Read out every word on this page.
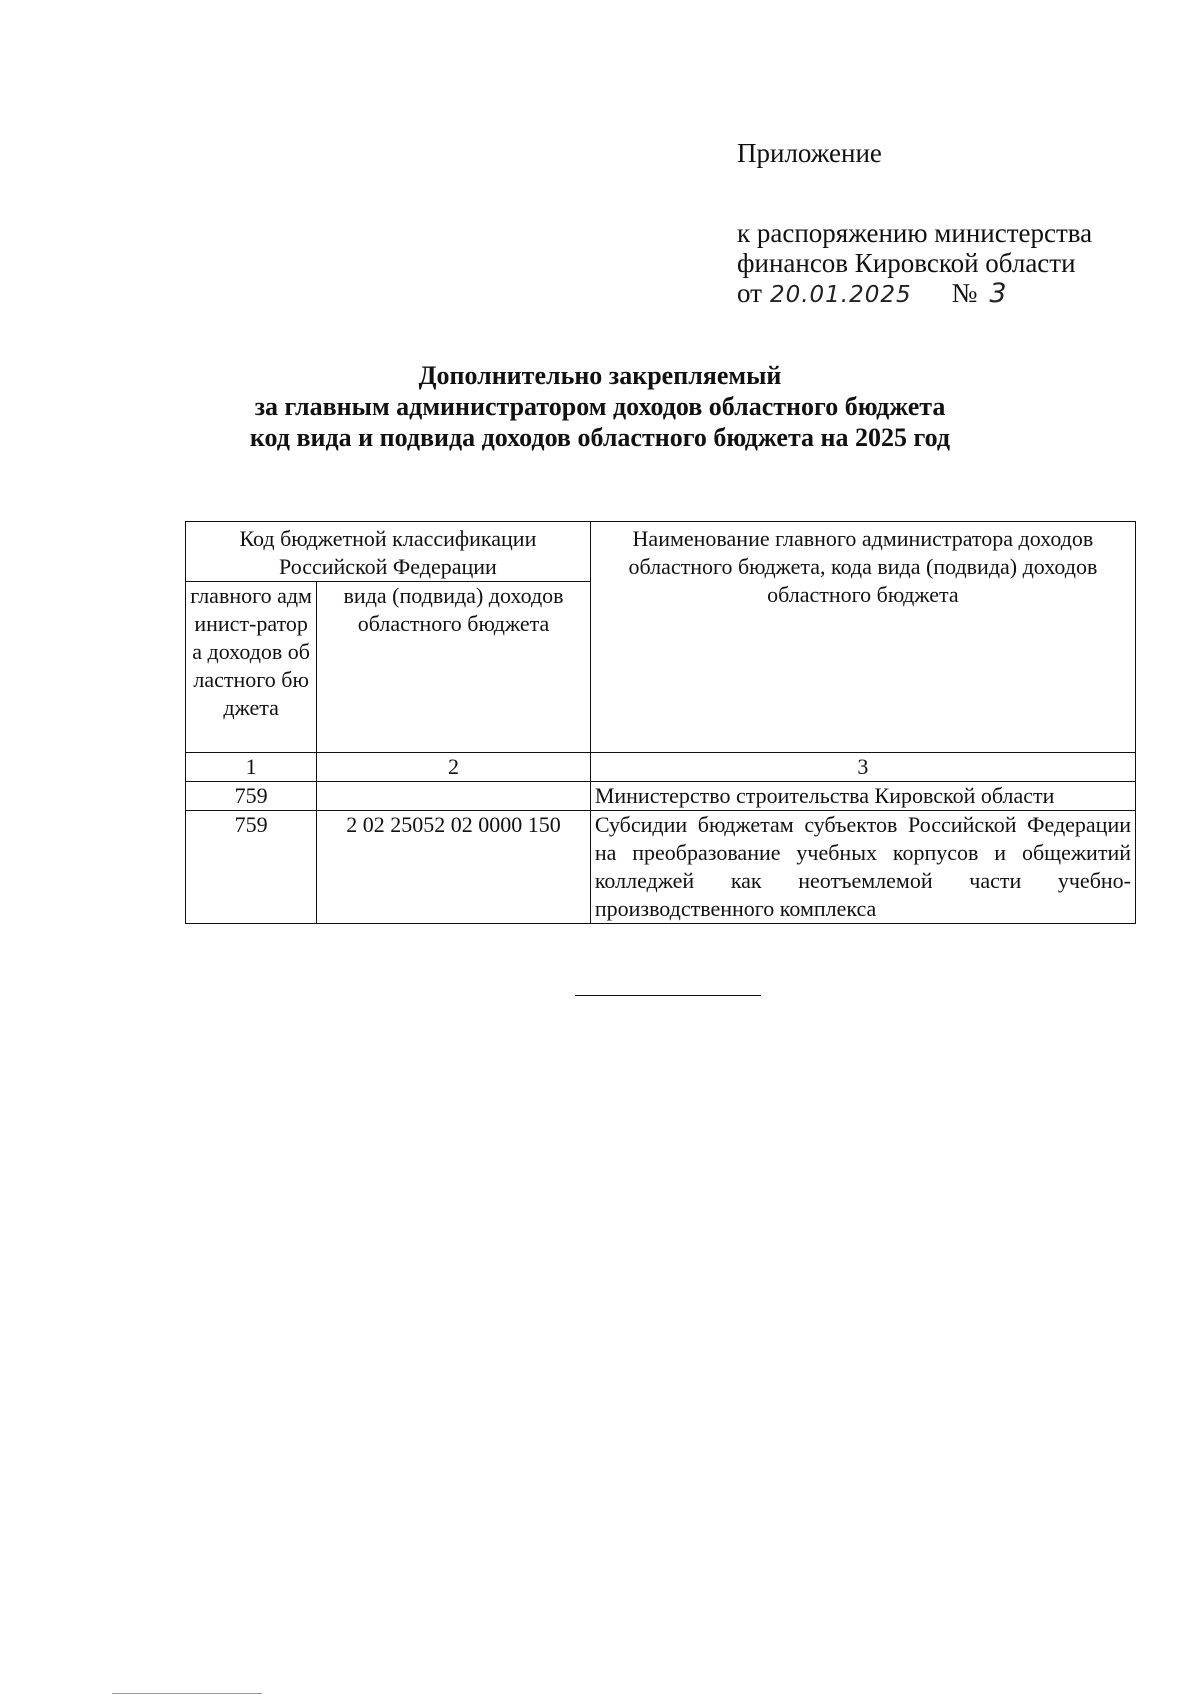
Приложение
к распоряжению министерства
финансов Кировской области
от 20.01.2025 № 3
Дополнительно закрепляемый
за главным администратором доходов областного бюджета
код вида и подвида доходов областного бюджета на 2025 год
Код бюджетной классификации Российской Федерации		Наименование главного администратора доходов областного бюджета, кода вида (подвида) доходов областного бюджета

главного админист-ратора доходов областного бюджета	вида (подвида) доходов областного бюджета	

1	2	3
759		Министерство строительства Кировской области
759	2 02 25052 02 0000 150	Субсидии бюджетам субъектов Российской Федерации на преобразование учебных корпусов и общежитий колледжей как неотъемлемой части учебно-производственного комплекса
